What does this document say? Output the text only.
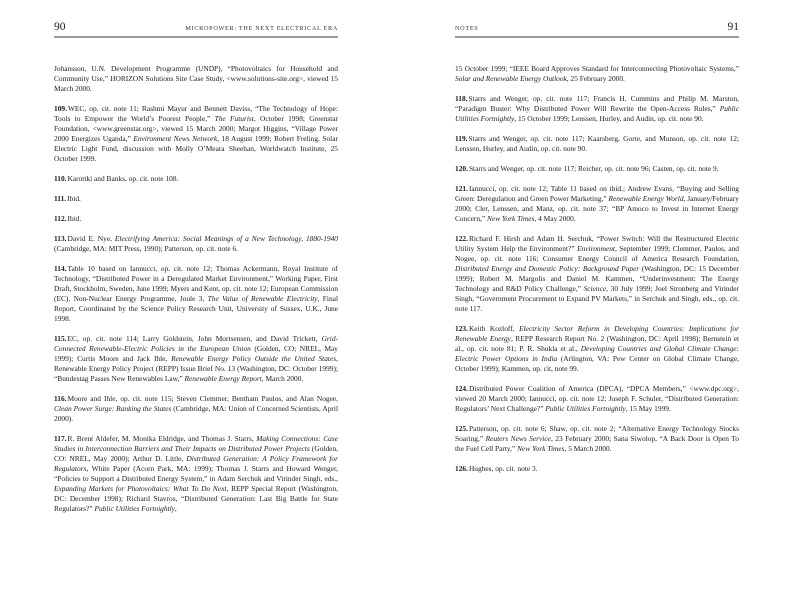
90	MICROPOWER: THE NEXT ELECTRICAL ERA

Johansson, U.N. Development Programme (UNDP), “Photovoltaics for Household and Community Use,” HORIZON Solutions Site Case Study, <www.solutions-site.org>, viewed 15 March 2000.

109.WEC, op. cit. note 11; Rashmi Mayur and Bennett Daviss, “The Technology of Hope: Tools to Empower the World’s Poorest People,” The Futurist, October 1998; Greenstar Foundation, <www.greenstar.org>, viewed 15 March 2000; Margot Higgins, “Village Power 2000 Energizes Uganda,” Environment News Network, 18 August 1999; Robert Freling, Solar Electric Light Fund, discussion with Molly O’Meara Sheehan, Worldwatch Institute, 25 October 1999.

110.Karottki and Banks, op. cit. note 108.

111.Ibid.

112.Ibid.

113.David E. Nye, Electrifying America: Social Meanings of a New Technology, 1880-1940 (Cambridge, MA: MIT Press, 1990); Patterson, op. cit. note 6.

114.Table 10 based on Iannucci, op. cit. note 12; Thomas Ackermann, Royal Institute of Technology, “Distributed Power in a Deregulated Market Environment,” Working Paper, First Draft, Stockholm, Sweden, June 1999; Myers and Kent, op. cit. note 12; European Commission (EC), Non-Nuclear Energy Programme, Joule 3, The Value of Renewable Electricity, Final Report, Coordinated by the Science Policy Research Unit, University of Sussex, U.K., June 1998.

115.EC, op. cit. note 114; Larry Goldstein, John Mortsensen, and David Trickett, Grid-Connected Renewable-Electric Policies in the European Union (Golden, CO; NREL, May 1999); Curtis Moore and Jack Ihle, Renewable Energy Policy Outside the United States, Renewable Energy Policy Project (REPP) Issue Brief No. 13 (Washington, DC: October 1999); “Bundestag Passes New Renewables Law,” Renewable Energy Report, March 2000.

116.Moore and Ihle, op. cit. note 115; Steven Clemmer, Bentham Paulos, and Alan Nogee, Clean Power Surge: Ranking the States (Cambridge, MA: Union of Concerned Scientists, April 2000).

117.R. Brent Aldefer, M. Monika Eldridge, and Thomas J. Starrs, Making Connections: Case Studies in Interconnection Barriers and Their Impacts on Distributed Power Projects (Golden, CO: NREL, May 2000); Arthur D. Little, Distributed Generation: A Policy Framework for Regulators, White Paper (Acorn Park, MA: 1999); Thomas J. Starrs and Howard Wenger, “Policies to Support a Distributed Energy System,” in Adam Serchuk and Virinder Singh, eds., Expanding Markets for Photovoltaics: What To Do Next, REPP Special Report (Washington, DC: December 1998); Richard Stavros, “Distributed Generation: Last Big Battle for State Regulators?” Public Utilities Fortnightly,

NOTES	91

15 October 1999; “IEEE Board Approves Standard for Interconnecting Photovoltaic Systems,” Solar and Renewable Energy Outlook, 25 February 2000.

118.Starrs and Wenger, op. cit. note 117; Francis H. Cummins and Philip M. Marston, “Paradigm Buster: Why Distributed Power Will Rewrite the Open-Access Rules,” Public Utilities Fortnightly, 15 October 1999; Lenssen, Hurley, and Audin, op. cit. note 90.

119.Starrs and Wenger, op. cit. note 117; Kaarsberg, Gorte, and Munson, op. cit. note 12; Lenssen, Hurley, and Audin, op. cit. note 90.

120.Starrs and Wenger, op. cit. note 117; Reicher, op. cit. note 96; Casten, op. cit. note 9.

121.Iannucci, op. cit. note 12; Table 11 based on ibid.; Andrew Evans, “Buying and Selling Green: Deregulation and Green Power Marketing,” Renewable Energy World, January/February 2000; Cler, Lenssen, and Manz, op. cit. note 37; “BP Amoco to Invest in Internet Energy Concern,” New York Times, 4 May 2000.

122.Richard F. Hirsh and Adam H. Serchuk, “Power Switch: Will the Restructured Electric Utility System Help the Environment?” Environment, September 1999; Clemmer, Paulos, and Nogee, op. cit. note 116; Consumer Energy Council of America Research Foundation, Distributed Energy and Domestic Policy: Background Paper (Washington, DC: 15 December 1999); Robert M. Margolis and Daniel M. Kammen, “Underinvestment: The Energy Technology and R&D Policy Challenge,” Science, 30 July 1999; Joel Stronberg and Virinder Singh, “Government Procurement to Expand PV Markets,” in Serchuk and Singh, eds., op. cit. note 117.

123.Keith Kozloff, Electricity Sector Reform in Developing Countries: Implications for Renewable Energy, REPP Research Report No. 2 (Washington, DC: April 1998); Bernstein et al., op. cit. note 81; P. R. Shukla et al., Developing Countries and Global Climate Change: Electric Power Options in India (Arlington, VA: Pew Center on Global Climate Change, October 1999); Kammen, op. cit, note 99.

124.Distributed Power Coalition of America (DPCA), “DPCA Members,” <www.dpc.org>, viewed 20 March 2000; Iannucci, op. cit. note 12; Joseph F. Schuler, “Distributed Generation: Regulators’ Next Challenge?” Public Utilities Fortnightly, 15 May 1999.

125.Patterson, op. cit. note 6; Shaw, op. cit. note 2; “Alternative Energy Technology Stocks Soaring,” Reuters News Service, 23 February 2000; Sana Siwolop, “A Back Door is Open To the Fuel Cell Party,” New York Times, 5 March 2000.

126.Hughes, op. cit. note 3.
